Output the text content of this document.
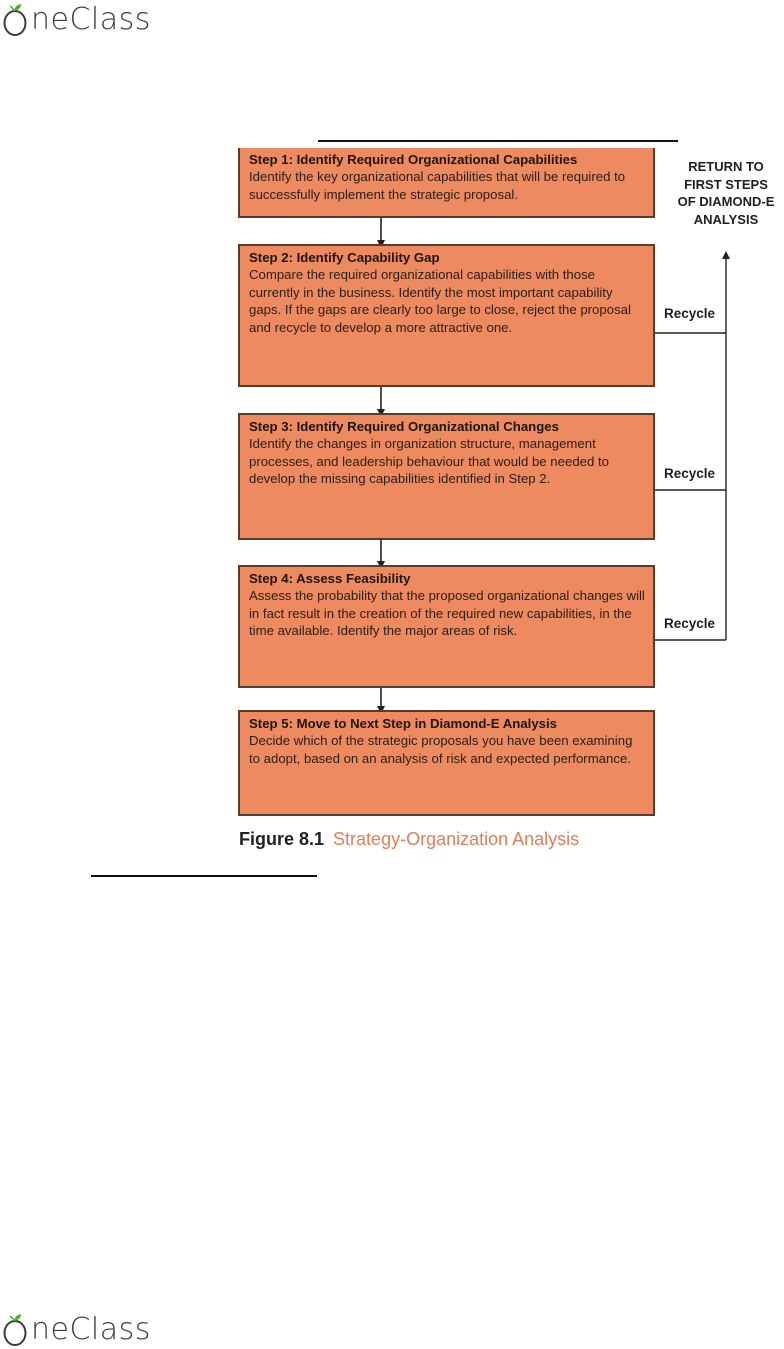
neClass
Step 1: Identify Required Organizational Capabilities
Identify the key organizational capabilities that will be required to successfully implement the strategic proposal.
Step 2: Identify Capability Gap
Compare the required organizational capabilities with those currently in the business. Identify the most important capability gaps. If the gaps are clearly too large to close, reject the proposal and recycle to develop a more attractive one.
Step 3: Identify Required Organizational Changes
Identify the changes in organization structure, management processes, and leadership behaviour that would be needed to develop the missing capabilities identified in Step 2.
Step 4: Assess Feasibility
Assess the probability that the proposed organizational changes will in fact result in the creation of the required new capabilities, in the time available. Identify the major areas of risk.
Step 5: Move to Next Step in Diamond-E Analysis
Decide which of the strategic proposals you have been examining to adopt, based on an analysis of risk and expected performance.
Recycle
Recycle
Recycle
RETURN TO
FIRST STEPS
OF DIAMOND-E
ANALYSIS
Figure 8.1 Strategy-Organization Analysis
neClass
